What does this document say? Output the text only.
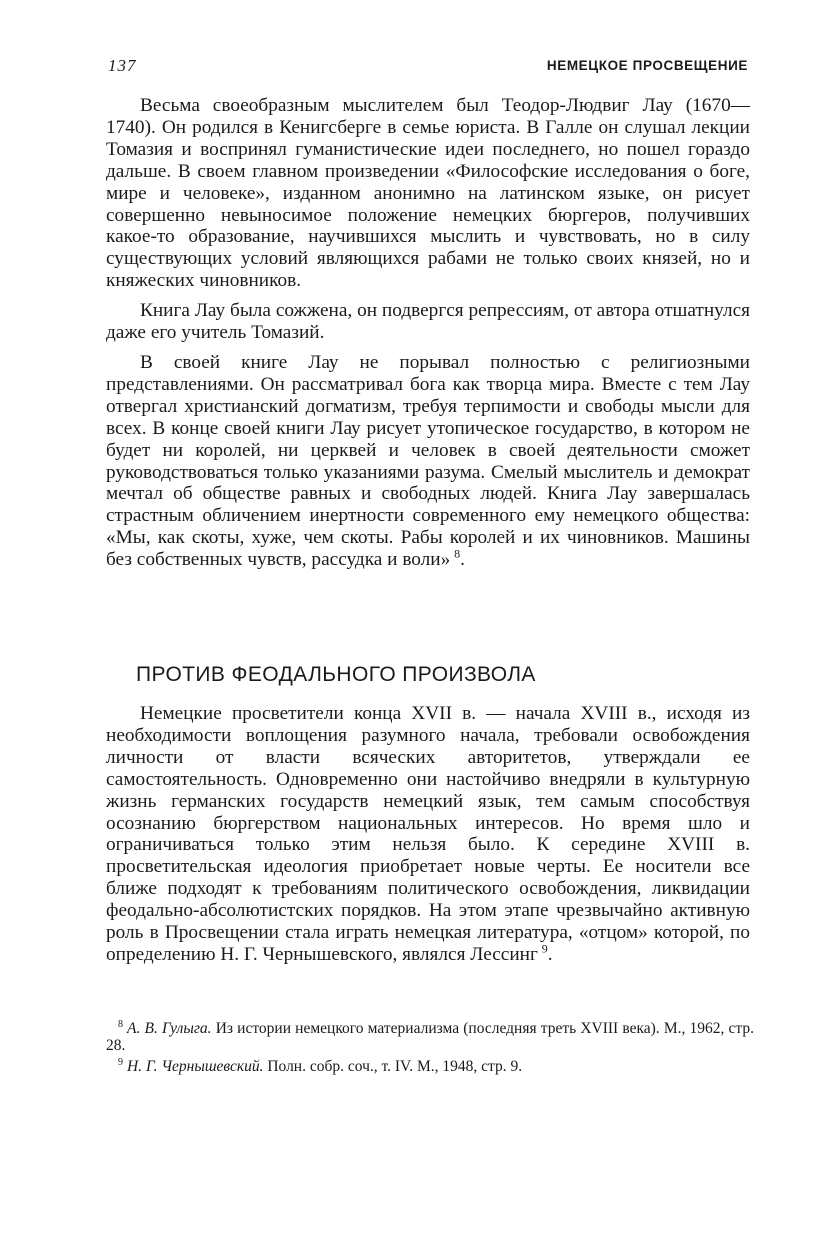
137	НЕМЕЦКОЕ ПРОСВЕЩЕНИЕ

Весьма своеобразным мыслителем был Теодор-Людвиг Лау (1670—1740). Он родился в Кенигсберге в семье юриста. В Галле он слушал лекции Томазия и воспринял гуманистические идеи последнего, но пошел гораздо дальше. В своем главном произведении «Философские исследования о боге, мире и человеке», изданном анонимно на латинском языке, он рисует совершенно невыносимое положение немецких бюргеров, получивших какое-то образование, научившихся мыслить и чувствовать, но в силу существующих условий являющихся рабами не только своих князей, но и княжеских чиновников.

Книга Лау была сожжена, он подвергся репрессиям, от автора отшатнулся даже его учитель Томазий.

В своей книге Лау не порывал полностью с религиозными представлениями. Он рассматривал бога как творца мира. Вместе с тем Лау отвергал христианский догматизм, требуя терпимости и свободы мысли для всех. В конце своей книги Лау рисует утопическое государство, в котором не будет ни королей, ни церквей и человек в своей деятельности сможет руководствоваться только указаниями разума. Смелый мыслитель и демократ мечтал об обществе равных и свободных людей. Книга Лау завершалась страстным обличением инертности современного ему немецкого общества: «Мы, как скоты, хуже, чем скоты. Рабы королей и их чиновников. Машины без собственных чувств, рассудка и воли»  $^8$.

ПРОТИВ ФЕОДАЛЬНОГО ПРОИЗВОЛА

Немецкие просветители конца XVII в. — начала XVIII в., исходя из необходимости воплощения разумного начала, требовали освобождения личности от власти всяческих авторитетов, утверждали ее самостоятельность. Одновременно они настойчиво внедряли в культурную жизнь германских государств немецкий язык, тем самым способствуя осознанию бюргерством национальных интересов. Но время шло и ограничиваться только этим нельзя было. К середине XVIII в. просветительская идеология приобретает новые черты. Ее носители все ближе подходят к требованиям политического освобождения, ликвидации феодально-абсолютистских порядков. На этом этапе чрезвычайно активную роль в Просвещении стала играть немецкая литература, «отцом» которой, по определению Н. Г. Чернышевского, являлся Лессинг  $^9$.

$^8$ А. В. Гулыга. Из истории немецкого материализма (последняя треть XVIII века). М., 1962, стр. 28.

$^9$ Н. Г. Чернышевский. Полн. собр. соч., т. IV. М., 1948, стр. 9.
